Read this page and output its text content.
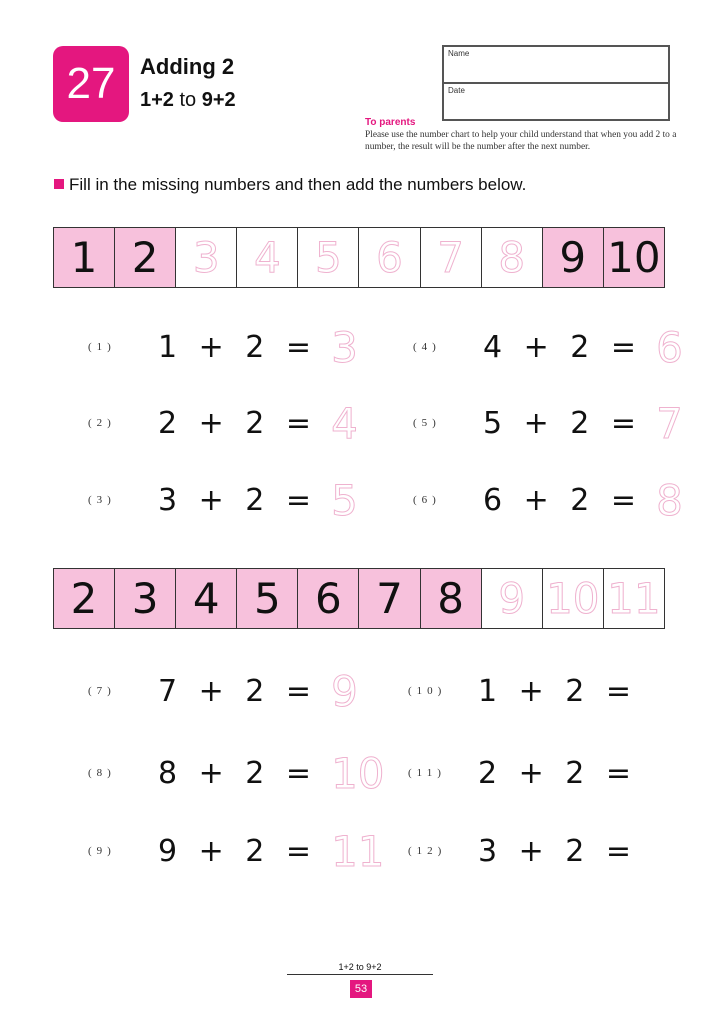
27 Adding 2
1+2 to 9+2
Name
Date
To parents
Please use the number chart to help your child understand that when you add 2 to a number, the result will be the number after the next number.
Fill in the missing numbers and then add the numbers below.
1 2 3 4 5 6 7 8 9 10
2 3 4 5 6 7 8 9 10 11
(1)	1 + 2 = 3
(2)	2 + 2 = 4
(3)	3 + 2 = 5
(4)	4 + 2 = 6
(5)	5 + 2 = 7
(6)	6 + 2 = 8
(7)	7 + 2 = 9
(8)	8 + 2 = 10
(9)	9 + 2 = 11
(10)	1 + 2 =
(11)	2 + 2 =
(12)	3 + 2 =
1+2 to 9+2
53
